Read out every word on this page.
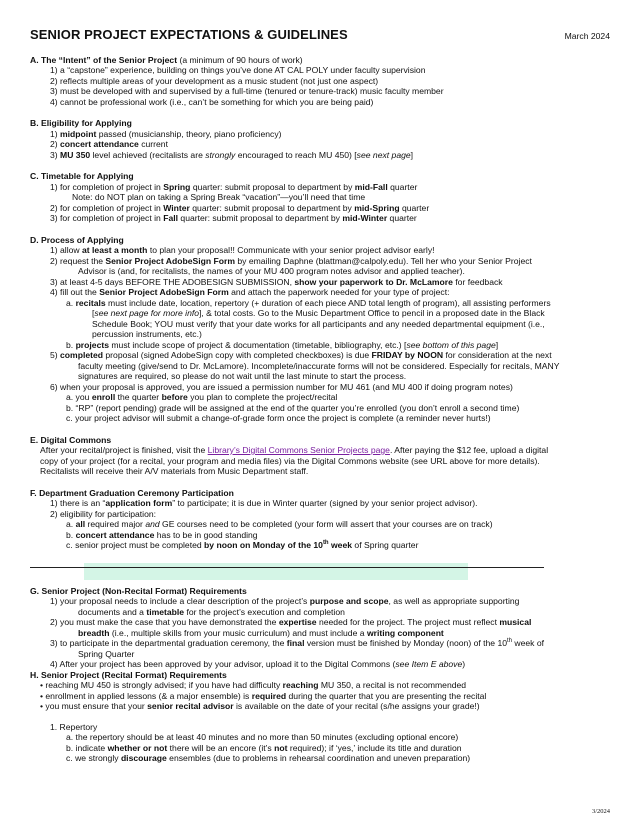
SENIOR PROJECT EXPECTATIONS & GUIDELINES	March 2024
A. The “Intent” of the Senior Project (a minimum of 90 hours of work)
1) a “capstone” experience, building on things you’ve done AT CAL POLY under faculty supervision
2) reflects multiple areas of your development as a music student (not just one aspect)
3) must be developed with and supervised by a full-time (tenured or tenure-track) music faculty member
4) cannot be professional work (i.e., can’t be something for which you are being paid)
B. Eligibility for Applying
1) midpoint passed (musicianship, theory, piano proficiency)
2) concert attendance current
3) MU 350 level achieved (recitalists are strongly encouraged to reach MU 450) [see next page]
C. Timetable for Applying
1) for completion of project in Spring quarter: submit proposal to department by mid-Fall quarter
Note: do NOT plan on taking a Spring Break “vacation”—you’ll need that time
2) for completion of project in Winter quarter: submit proposal to department by mid-Spring quarter
3) for completion of project in Fall quarter: submit proposal to department by mid-Winter quarter
D. Process of Applying
1) allow at least a month to plan your proposal!! Communicate with your senior project advisor early!
2) request the Senior Project AdobeSign Form by emailing Daphne (blattman@calpoly.edu). Tell her who your Senior Project
Advisor is (and, for recitalists, the names of your MU 400 program notes advisor and applied teacher).
3) at least 4-5 days BEFORE THE ADOBESIGN SUBMISSION, show your paperwork to Dr. McLamore for feedback
4) fill out the Senior Project AdobeSign Form and attach the paperwork needed for your type of project:
a. recitals must include date, location, repertory (+ duration of each piece AND total length of program), all assisting performers
[see next page for more info], & total costs. Go to the Music Department Office to pencil in a proposed date in the Black
Schedule Book; YOU must verify that your date works for all participants and any needed departmental equipment (i.e.,
percussion instruments, etc.)
b. projects must include scope of project & documentation (timetable, bibliography, etc.) [see bottom of this page]
5) completed proposal (signed AdobeSign copy with completed checkboxes) is due FRIDAY by NOON for consideration at the next
faculty meeting (give/send to Dr. McLamore). Incomplete/inaccurate forms will not be considered. Especially for recitals, MANY
signatures are required, so please do not wait until the last minute to start the process.
6) when your proposal is approved, you are issued a permission number for MU 461 (and MU 400 if doing program notes)
a. you enroll the quarter before you plan to complete the project/recital
b. “RP” (report pending) grade will be assigned at the end of the quarter you’re enrolled (you don’t enroll a second time)
c. your project advisor will submit a change-of-grade form once the project is complete (a reminder never hurts!)
E. Digital Commons
After your recital/project is finished, visit the Library’s Digital Commons Senior Projects page. After paying the $12 fee, upload a digital
copy of your project (for a recital, your program and media files) via the Digital Commons website (see URL above for more details).
Recitalists will receive their A/V materials from Music Department staff.
F. Department Graduation Ceremony Participation
1) there is an “application form” to participate; it is due in Winter quarter (signed by your senior project advisor).
2) eligibility for participation:
a. all required major and GE courses need to be completed (your form will assert that your courses are on track)
b. concert attendance has to be in good standing
c. senior project must be completed by noon on Monday of the 10th week of Spring quarter
G. Senior Project (Non-Recital Format) Requirements
1) your proposal needs to include a clear description of the project’s purpose and scope, as well as appropriate supporting
documents and a timetable for the project’s execution and completion
2) you must make the case that you have demonstrated the expertise needed for the project. The project must reflect musical
breadth (i.e., multiple skills from your music curriculum) and must include a writing component
3) to participate in the departmental graduation ceremony, the final version must be finished by Monday (noon) of the 10th week of
Spring Quarter
4) After your project has been approved by your advisor, upload it to the Digital Commons (see Item E above)
H. Senior Project (Recital Format) Requirements
• reaching MU 450 is strongly advised; if you have had difficulty reaching MU 350, a recital is not recommended
• enrollment in applied lessons (& a major ensemble) is required during the quarter that you are presenting the recital
• you must ensure that your senior recital advisor is available on the date of your recital (s/he assigns your grade!)
1. Repertory
a. the repertory should be at least 40 minutes and no more than 50 minutes (excluding optional encore)
b. indicate whether or not there will be an encore (it’s not required); if ‘yes,’ include its title and duration
c. we strongly discourage ensembles (due to problems in rehearsal coordination and uneven preparation)
3/2024
